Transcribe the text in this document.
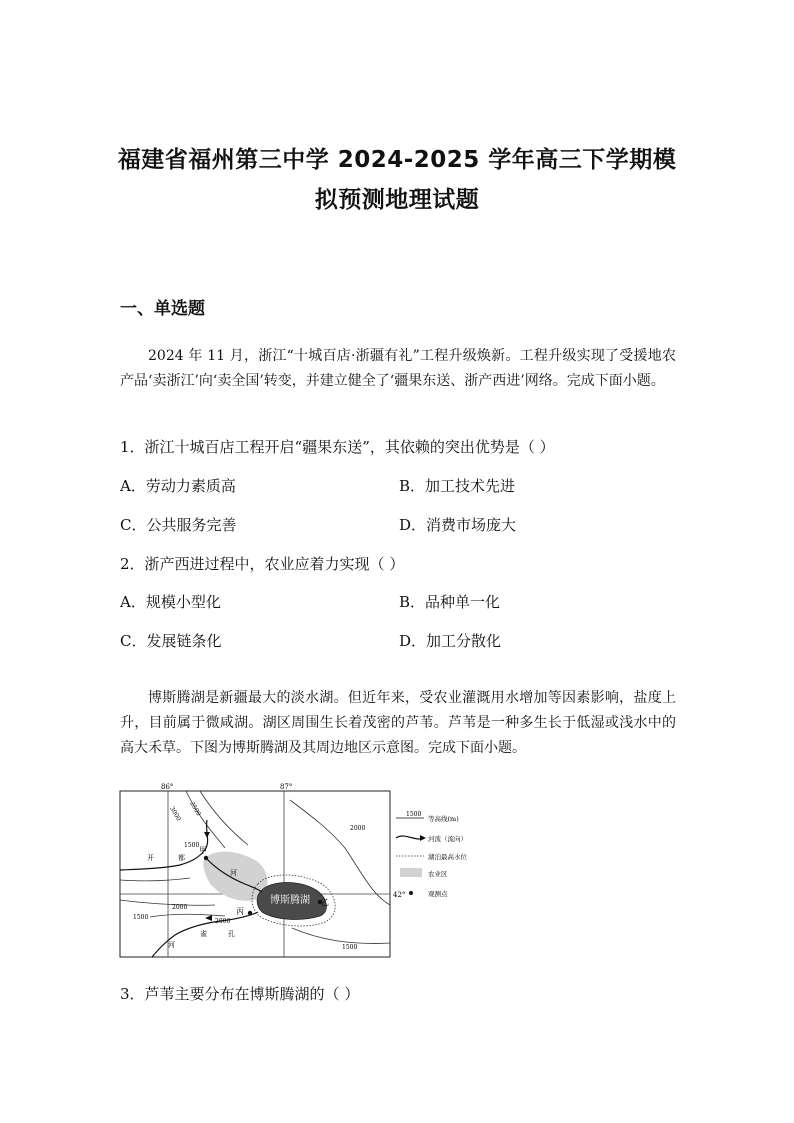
福建省福州第三中学 2024-2025 学年高三下学期模
拟预测地理试题
一、单选题
2024 年 11 月，浙江“十城百店·浙疆有礼”工程升级焕新。工程升级实现了受援地农产品‘卖浙江’向‘卖全国’转变，并建立健全了‘疆果东送、浙产西进’网络。完成下面小题。
1．浙江十城百店工程开启“疆果东送”，其依赖的突出优势是（ ）
A．劳动力素质高	B．加工技术先进
C．公共服务完善	D．消费市场庞大
2．浙产西进过程中，农业应着力实现（ ）
A．规模小型化	B．品种单一化
C．发展链条化	D．加工分散化
博斯腾湖是新疆最大的淡水湖。但近年来，受农业灌溉用水增加等因素影响，盐度上升，目前属于微咸湖。湖区周围生长着茂密的芦苇。芦苇是一种多生长于低湿或浅水中的高大禾草。下图为博斯腾湖及其周边地区示意图。完成下面小题。
86°	87°
42°
3000 2500
2000
1500
2000
1500
2000
1500
博斯腾湖
甲
乙
丙
开	都
河
河
雀	孔
1500
等高线(m)
河流（流向）
湖泊最高水位
农业区
观测点
3．芦苇主要分布在博斯腾湖的（ ）
